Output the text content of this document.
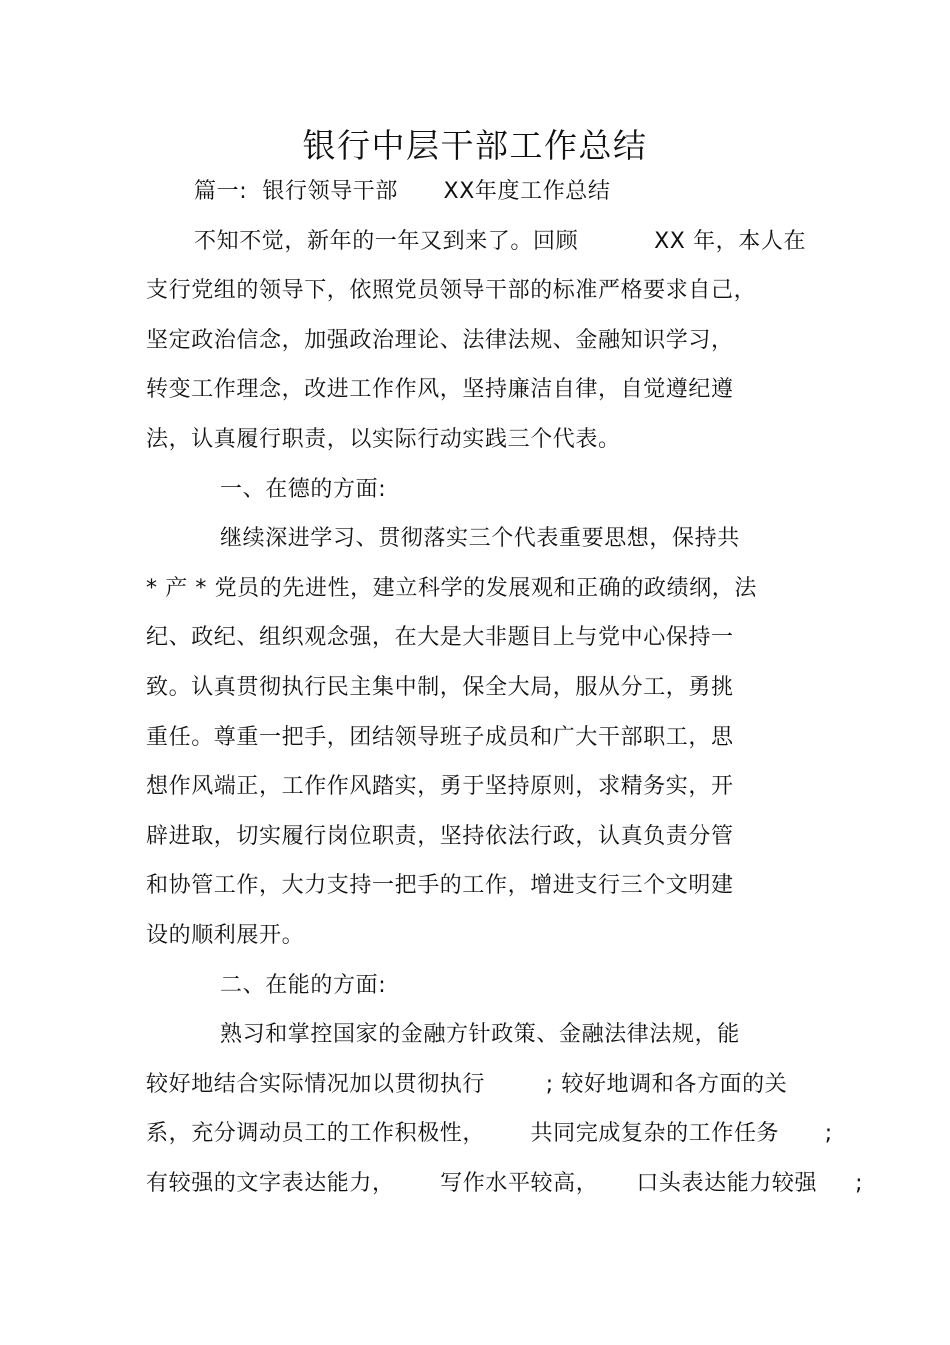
银行中层干部工作总结
篇一:  银行领导干部      XX年度工作总结
不知不觉，新年的一年又到来了。回顾          XX 年，本人在
支行党组的领导下，依照党员领导干部的标准严格要求自己，
坚定政治信念，加强政治理论、法律法规、金融知识学习，
转变工作理念，改进工作作风，坚持廉洁自律，自觉遵纪遵
法，认真履行职责，以实际行动实践三个代表。
一、在德的方面:
继续深进学习、贯彻落实三个代表重要思想，保持共
* 产 * 党员的先进性，建立科学的发展观和正确的政绩纲，法
纪、政纪、组织观念强，在大是大非题目上与党中心保持一
致。认真贯彻执行民主集中制，保全大局，服从分工，勇挑
重任。尊重一把手，团结领导班子成员和广大干部职工，思
想作风端正，工作作风踏实，勇于坚持原则，求精务实，开
辟进取，切实履行岗位职责，坚持依法行政，认真负责分管
和协管工作，大力支持一把手的工作，增进支行三个文明建
设的顺利展开。
二、在能的方面:
熟习和掌控国家的金融方针政策、金融法律法规，能
较好地结合实际情况加以贯彻执行        ; 较好地调和各方面的关
系，充分调动员工的工作积极性，      共同完成复杂的工作任务      ;
有较强的文字表达能力，      写作水平较高，     口头表达能力较强     ;
